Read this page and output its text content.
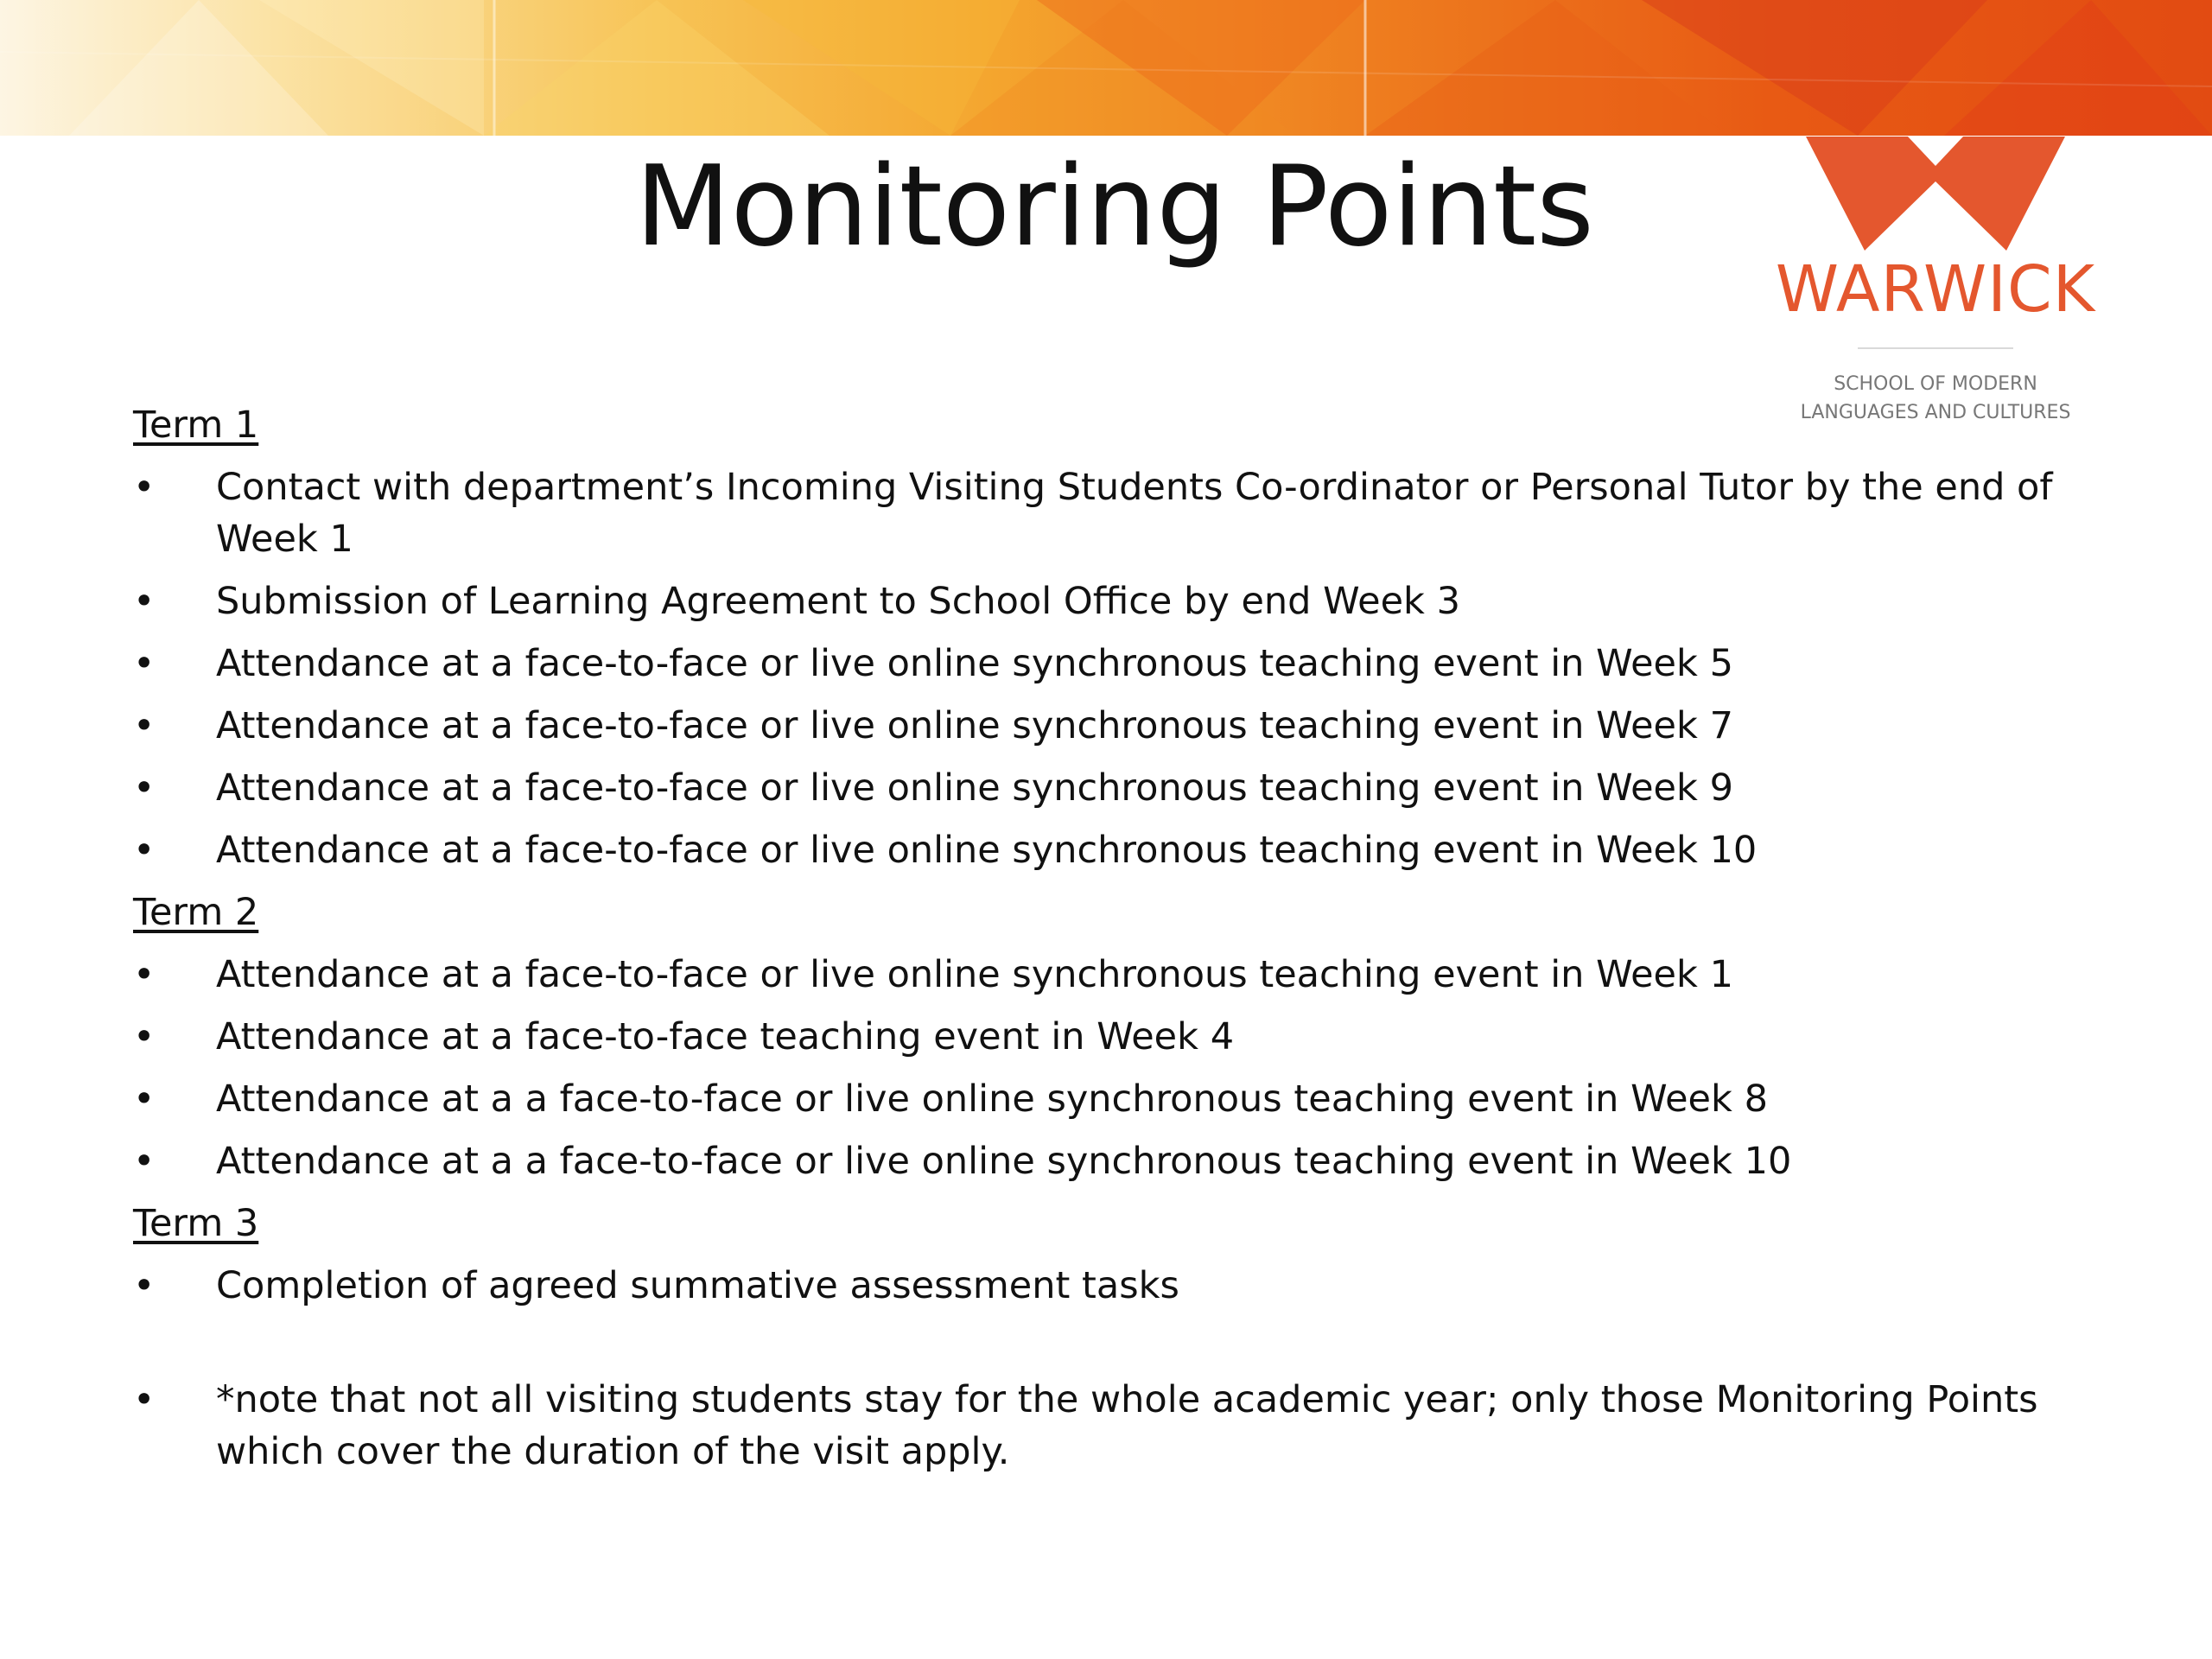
WARWICK
SCHOOL OF MODERN
LANGUAGES AND CULTURES
Monitoring Points
Term 1
•	Contact with department’s Incoming Visiting Students Co-ordinator or Personal Tutor by the end of Week 1
•	Submission of Learning Agreement to School Office by end Week 3
•	Attendance at a face-to-face or live online synchronous teaching event in Week 5
•	Attendance at a face-to-face or live online synchronous teaching event in Week 7
•	Attendance at a face-to-face or live online synchronous teaching event in Week 9
•	Attendance at a face-to-face or live online synchronous teaching event in Week 10
Term 2
•	Attendance at a face-to-face or live online synchronous teaching event in Week 1
•	Attendance at a face-to-face teaching event in Week 4
•	Attendance at a a face-to-face or live online synchronous teaching event in Week 8
•	Attendance at a a face-to-face or live online synchronous teaching event in Week 10
Term 3
•	Completion of agreed summative assessment tasks
•	*note that not all visiting students stay for the whole academic year; only those Monitoring Points which cover the duration of the visit apply.
